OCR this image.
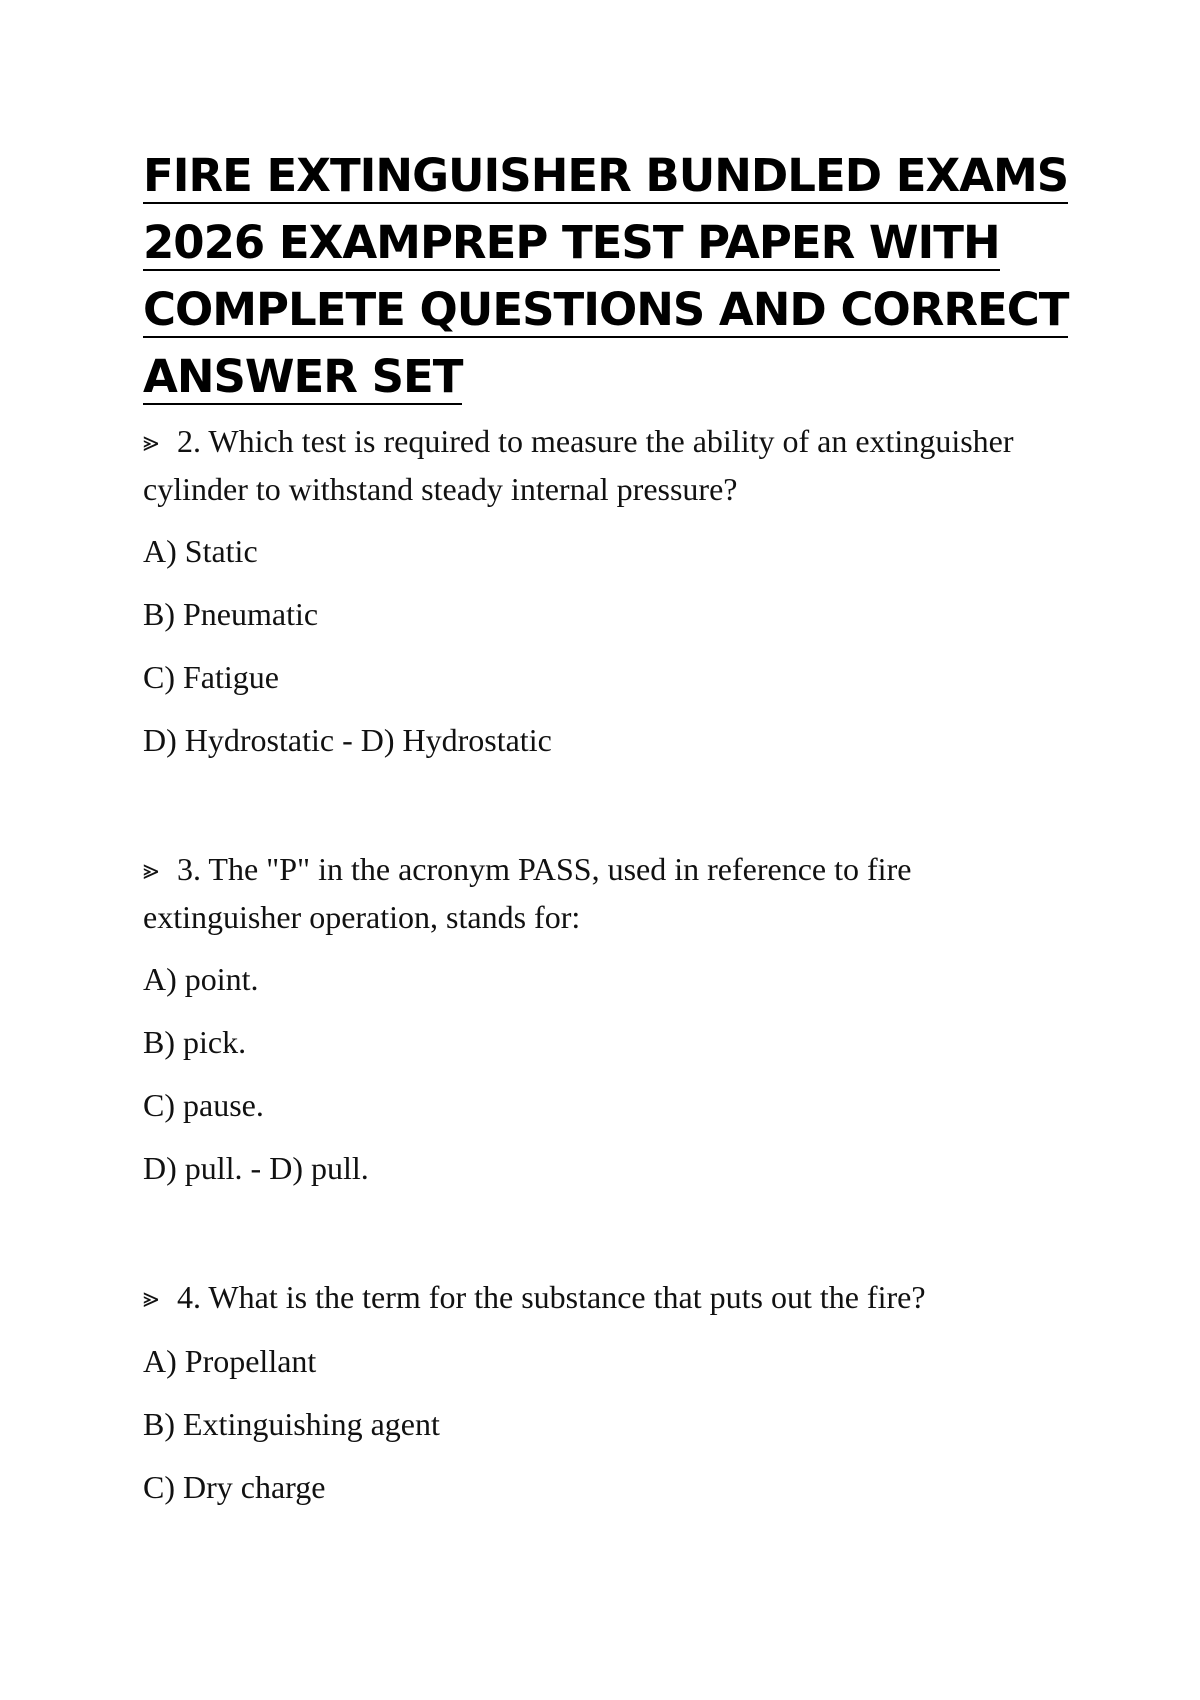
FIRE EXTINGUISHER BUNDLED EXAMS
2026 EXAMPREP TEST PAPER WITH
COMPLETE QUESTIONS AND CORRECT
ANSWER SET

⪢ 2. Which test is required to measure the ability of an extinguisher cylinder to withstand steady internal pressure?

A) Static
B) Pneumatic
C) Fatigue
D) Hydrostatic - D) Hydrostatic

⪢ 3. The "P" in the acronym PASS, used in reference to fire extinguisher operation, stands for:

A) point.
B) pick.
C) pause.
D) pull. - D) pull.

⪢ 4. What is the term for the substance that puts out the fire?

A) Propellant
B) Extinguishing agent
C) Dry charge
